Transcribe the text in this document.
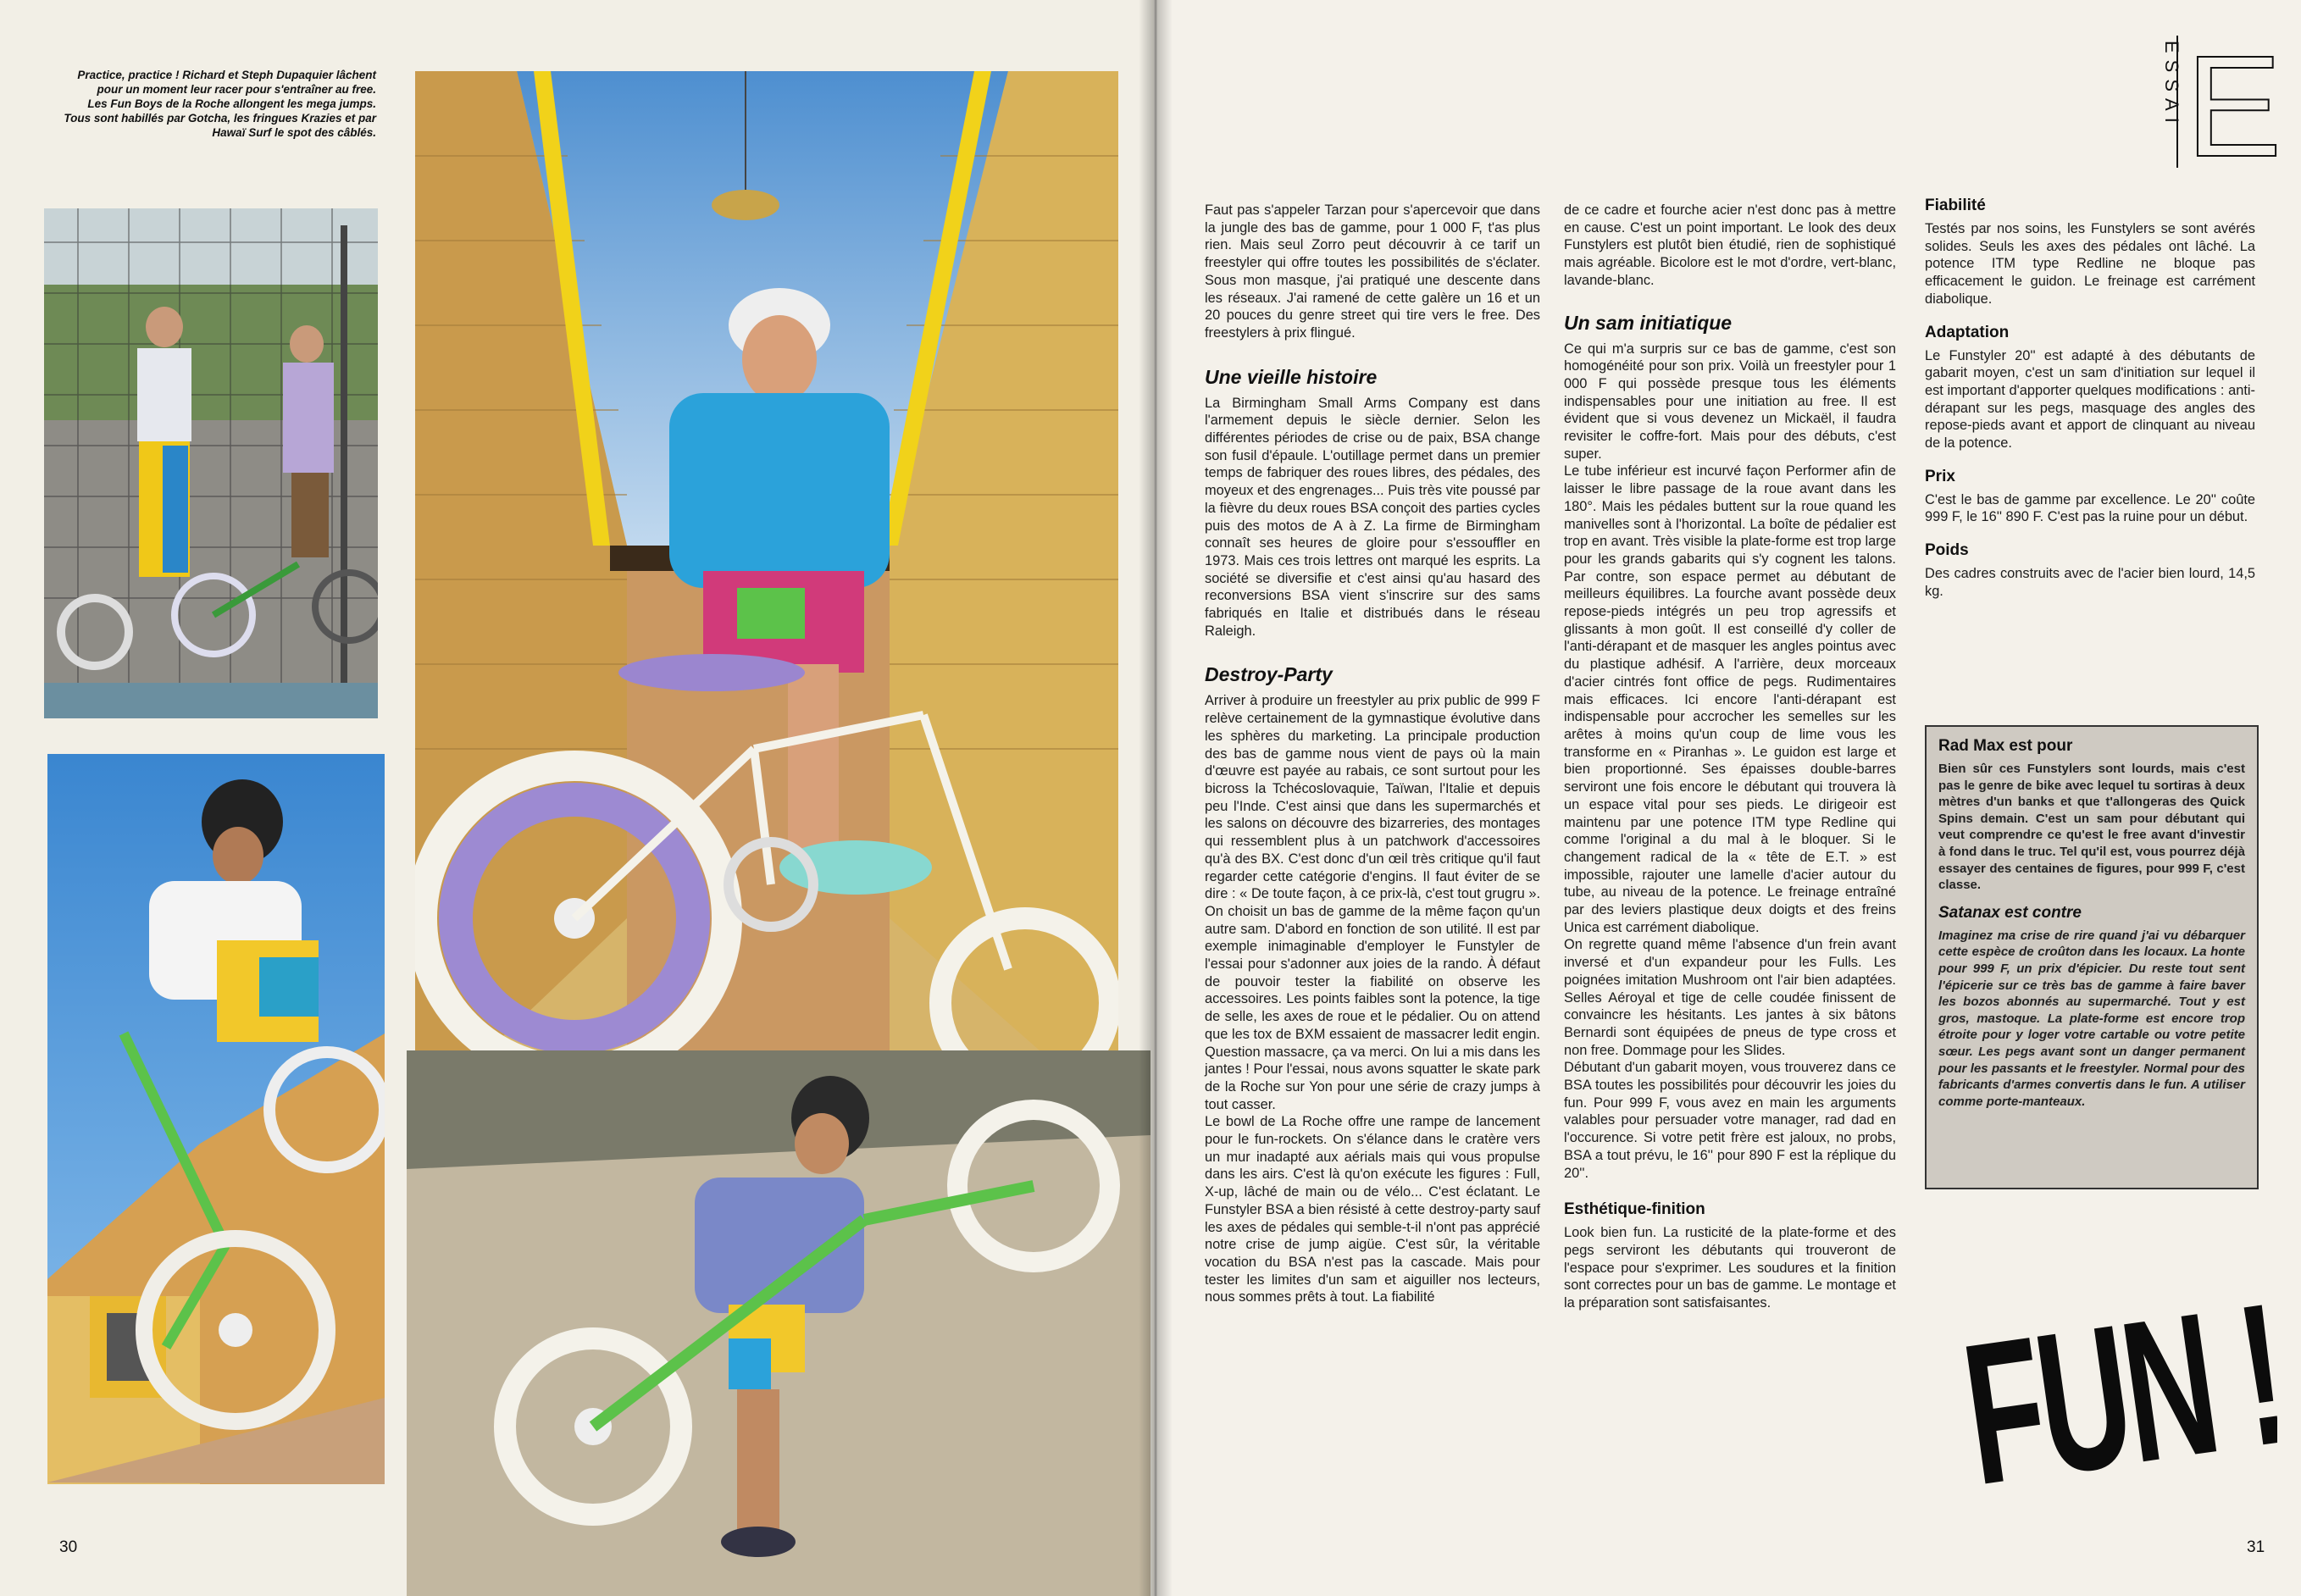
Practice, practice ! Richard et Steph Dupaquier lâchent pour un moment leur racer pour s'entraîner au free.

Les Fun Boys de la Roche allongent les mega jumps. Tous sont habillés par Gotcha, les fringues Krazies et par Hawaï Surf le spot des câblés.

30
ESSAI E

Faut pas s'appeler Tarzan pour s'apercevoir que dans la jungle des bas de gamme, pour 1 000 F, t'as plus rien. Mais seul Zorro peut découvrir à ce tarif un freestyler qui offre toutes les possibilités de s'éclater. Sous mon masque, j'ai pratiqué une descente dans les réseaux. J'ai ramené de cette galère un 16 et un 20 pouces du genre street qui tire vers le free. Des freestylers à prix flingué.

Une vieille histoire

La Birmingham Small Arms Company est dans l'armement depuis le siècle dernier. Selon les différentes périodes de crise ou de paix, BSA change son fusil d'épaule. L'outillage permet dans un premier temps de fabriquer des roues libres, des pédales, des moyeux et des engrenages... Puis très vite poussé par la fièvre du deux roues BSA conçoit des parties cycles puis des motos de A à Z. La firme de Birmingham connaît ses heures de gloire pour s'essouffler en 1973. Mais ces trois lettres ont marqué les esprits. La société se diversifie et c'est ainsi qu'au hasard des reconversions BSA vient s'inscrire sur des sams fabriqués en Italie et distribués dans le réseau Raleigh.

Destroy-Party

Arriver à produire un freestyler au prix public de 999 F relève certainement de la gymnastique évolutive dans les sphères du marketing. La principale production des bas de gamme nous vient de pays où la main d'œuvre est payée au rabais, ce sont surtout pour les bicross la Tchécoslovaquie, Taïwan, l'Italie et depuis peu l'Inde. C'est ainsi que dans les supermarchés et les salons on découvre des bizarreries, des montages qui ressemblent plus à un patchwork d'accessoires qu'à des BX. C'est donc d'un œil très critique qu'il faut regarder cette catégorie d'engins. Il faut éviter de se dire : « De toute façon, à ce prix-là, c'est tout grugru ». On choisit un bas de gamme de la même façon qu'un autre sam. D'abord en fonction de son utilité. Il est par exemple inimaginable d'employer le Funstyler de l'essai pour s'adonner aux joies de la rando. À défaut de pouvoir tester la fiabilité on observe les accessoires. Les points faibles sont la potence, la tige de selle, les axes de roue et le pédalier. Ou on attend que les tox de BXM essaient de massacrer ledit engin. Question massacre, ça va merci. On lui a mis dans les jantes ! Pour l'essai, nous avons squatter le skate park de la Roche sur Yon pour une série de crazy jumps à tout casser.

Le bowl de La Roche offre une rampe de lancement pour le fun-rockets. On s'élance dans le cratère vers un mur inadapté aux aérials mais qui vous propulse dans les airs. C'est là qu'on exécute les figures : Full, X-up, lâché de main ou de vélo... C'est éclatant. Le Funstyler BSA a bien résisté à cette destroy-party sauf les axes de pédales qui semble-t-il n'ont pas apprécié notre crise de jump aigüe. C'est sûr, la véritable vocation du BSA n'est pas la cascade. Mais pour tester les limites d'un sam et aiguiller nos lecteurs, nous sommes prêts à tout. La fiabilité

de ce cadre et fourche acier n'est donc pas à mettre en cause. C'est un point important. Le look des deux Funstylers est plutôt bien étudié, rien de sophistiqué mais agréable. Bicolore est le mot d'ordre, vert-blanc, lavande-blanc.

Un sam initiatique

Ce qui m'a surpris sur ce bas de gamme, c'est son homogénéité pour son prix. Voilà un freestyler pour 1 000 F qui possède presque tous les éléments indispensables pour une initiation au free. Il est évident que si vous devenez un Mickaël, il faudra revisiter le coffre-fort. Mais pour des débuts, c'est super.

Le tube inférieur est incurvé façon Performer afin de laisser le libre passage de la roue avant dans les 180°. Mais les pédales buttent sur la roue quand les manivelles sont à l'horizontal. La boîte de pédalier est trop en avant. Très visible la plate-forme est trop large pour les grands gabarits qui s'y cognent les talons. Par contre, son espace permet au débutant de meilleurs équilibres. La fourche avant possède deux repose-pieds intégrés un peu trop agressifs et glissants à mon goût. Il est conseillé d'y coller de l'anti-dérapant et de masquer les angles pointus avec du plastique adhésif. A l'arrière, deux morceaux d'acier cintrés font office de pegs. Rudimentaires mais efficaces. Ici encore l'anti-dérapant est indispensable pour accrocher les semelles sur les arêtes à moins qu'un coup de lime vous les transforme en « Piranhas ». Le guidon est large et bien proportionné. Ses épaisses double-barres serviront une fois encore le débutant qui trouvera là un espace vital pour ses pieds. Le dirigeoir est maintenu par une potence ITM type Redline qui comme l'original a du mal à le bloquer. Si le changement radical de la « tête de E.T. » est impossible, rajouter une lamelle d'acier autour du tube, au niveau de la potence. Le freinage entraîné par des leviers plastique deux doigts et des freins Unica est carrément diabolique.

On regrette quand même l'absence d'un frein avant inversé et d'un expandeur pour les Fulls. Les poignées imitation Mushroom ont l'air bien adaptées. Selles Aéroyal et tige de celle coudée finissent de convaincre les hésitants. Les jantes à six bâtons Bernardi sont équipées de pneus de type cross et non free. Dommage pour les Slides.

Débutant d'un gabarit moyen, vous trouverez dans ce BSA toutes les possibilités pour découvrir les joies du fun. Pour 999 F, vous avez en main les arguments valables pour persuader votre manager, rad dad en l'occurence. Si votre petit frère est jaloux, no probs, BSA a tout prévu, le 16'' pour 890 F est la réplique du 20''.

Esthétique-finition

Look bien fun. La rusticité de la plate-forme et des pegs serviront les débutants qui trouveront de l'espace pour s'exprimer. Les soudures et la finition sont correctes pour un bas de gamme. Le montage et la préparation sont satisfaisantes.

Fiabilité

Testés par nos soins, les Funstylers se sont avérés solides. Seuls les axes des pédales ont lâché. La potence ITM type Redline ne bloque pas efficacement le guidon. Le freinage est carrément diabolique.

Adaptation

Le Funstyler 20'' est adapté à des débutants de gabarit moyen, c'est un sam d'initiation sur lequel il est important d'apporter quelques modifications : anti-dérapant sur les pegs, masquage des angles des repose-pieds avant et apport de clinquant au niveau de la potence.

Prix

C'est le bas de gamme par excellence. Le 20'' coûte 999 F, le 16'' 890 F. C'est pas la ruine pour un début.

Poids

Des cadres construits avec de l'acier bien lourd, 14,5 kg.

31
Rad Max est pour

Bien sûr ces Funstylers sont lourds, mais c'est pas le genre de bike avec lequel tu sortiras à deux mètres d'un banks et que t'allongeras des Quick Spins demain. C'est un sam pour débutant qui veut comprendre ce qu'est le free avant d'investir à fond dans le truc. Tel qu'il est, vous pourrez déjà essayer des centaines de figures, pour 999 F, c'est classe.

Satanax est contre

Imaginez ma crise de rire quand j'ai vu débarquer cette espèce de croûton dans les locaux. La honte pour 999 F, un prix d'épicier. Du reste tout sent l'épicerie sur ce très bas de gamme à faire baver les bozos abonnés au supermarché. Tout y est gros, mastoque. La plate-forme est encore trop étroite pour y loger votre cartable ou votre petite sœur. Les pegs avant sont un danger permanent pour les passants et le freestyler. Normal pour des fabricants d'armes convertis dans le fun. A utiliser comme porte-manteaux.

FUN !
